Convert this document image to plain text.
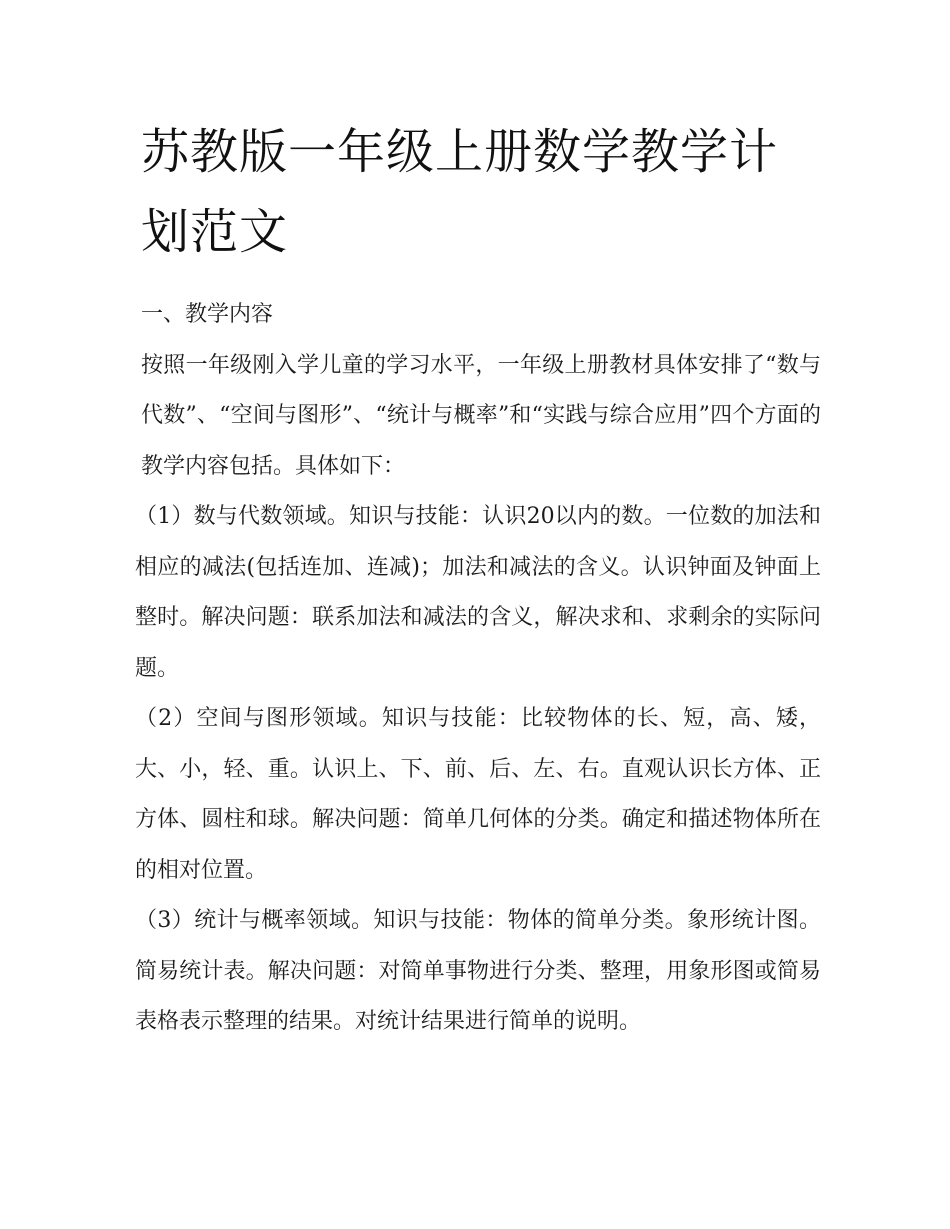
苏教版一年级上册数学教学计划范文
一、教学内容

按照一年级刚入学儿童的学习水平，一年级上册教材具体安排了“数与代数”、“空间与图形”、“统计与概率”和“实践与综合应用”四个方面的教学内容包括。具体如下：

（1）数与代数领域。知识与技能：认识20以内的数。一位数的加法和相应的减法(包括连加、连减)；加法和减法的含义。认识钟面及钟面上整时。解决问题：联系加法和减法的含义，解决求和、求剩余的实际问题。

（2）空间与图形领域。知识与技能：比较物体的长、短，高、矮，大、小，轻、重。认识上、下、前、后、左、右。直观认识长方体、正方体、圆柱和球。解决问题：简单几何体的分类。确定和描述物体所在的相对位置。

（3）统计与概率领域。知识与技能：物体的简单分类。象形统计图。简易统计表。解决问题：对简单事物进行分类、整理，用象形图或简易表格表示整理的结果。对统计结果进行简单的说明。
